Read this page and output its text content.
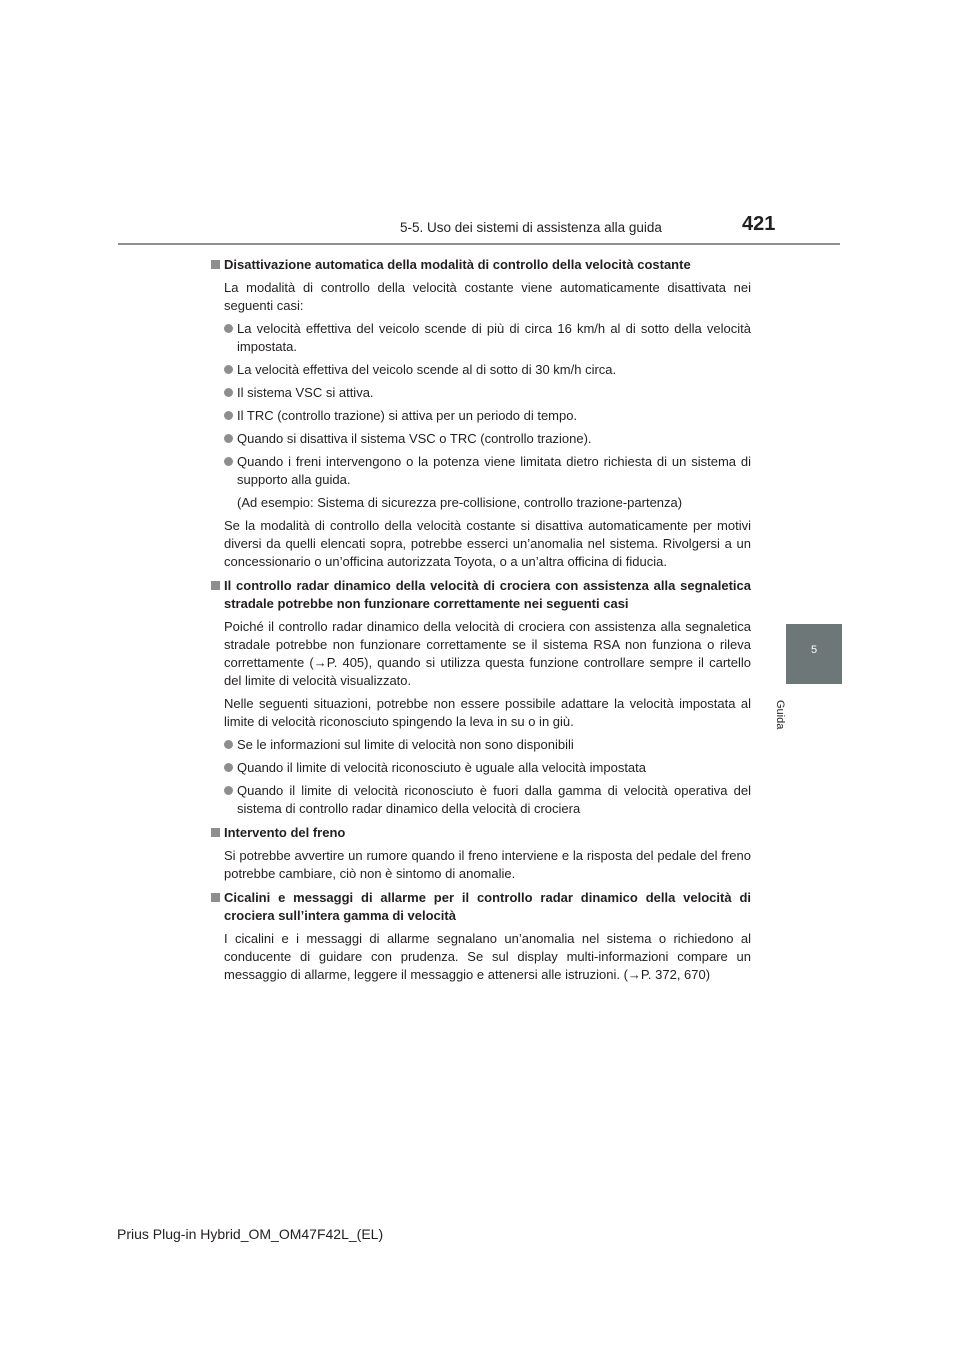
5-5. Uso dei sistemi di assistenza alla guida	421
5
Guida
Disattivazione automatica della modalità di controllo della velocità costante
La modalità di controllo della velocità costante viene automaticamente disattivata nei seguenti casi:
La velocità effettiva del veicolo scende di più di circa 16 km/h al di sotto della velocità impostata.
La velocità effettiva del veicolo scende al di sotto di 30 km/h circa.
Il sistema VSC si attiva.
Il TRC (controllo trazione) si attiva per un periodo di tempo.
Quando si disattiva il sistema VSC o TRC (controllo trazione).
Quando i freni intervengono o la potenza viene limitata dietro richiesta di un sistema di supporto alla guida.
(Ad esempio: Sistema di sicurezza pre-collisione, controllo trazione-partenza)
Se la modalità di controllo della velocità costante si disattiva automaticamente per motivi diversi da quelli elencati sopra, potrebbe esserci un’anomalia nel sistema. Rivolgersi a un concessionario o un’officina autorizzata Toyota, o a un’altra officina di fiducia.
Il controllo radar dinamico della velocità di crociera con assistenza alla segnaletica stradale potrebbe non funzionare correttamente nei seguenti casi
Poiché il controllo radar dinamico della velocità di crociera con assistenza alla segnaletica stradale potrebbe non funzionare correttamente se il sistema RSA non funziona o rileva correttamente (→P. 405), quando si utilizza questa funzione controllare sempre il cartello del limite di velocità visualizzato.
Nelle seguenti situazioni, potrebbe non essere possibile adattare la velocità impostata al limite di velocità riconosciuto spingendo la leva in su o in giù.
Se le informazioni sul limite di velocità non sono disponibili
Quando il limite di velocità riconosciuto è uguale alla velocità impostata
Quando il limite di velocità riconosciuto è fuori dalla gamma di velocità operativa del sistema di controllo radar dinamico della velocità di crociera
Intervento del freno
Si potrebbe avvertire un rumore quando il freno interviene e la risposta del pedale del freno potrebbe cambiare, ciò non è sintomo di anomalie.
Cicalini e messaggi di allarme per il controllo radar dinamico della velocità di crociera sull’intera gamma di velocità
I cicalini e i messaggi di allarme segnalano un’anomalia nel sistema o richiedono al conducente di guidare con prudenza. Se sul display multi-informazioni compare un messaggio di allarme, leggere il messaggio e attenersi alle istruzioni. (→P. 372, 670)
Prius Plug-in Hybrid_OM_OM47F42L_(EL)
